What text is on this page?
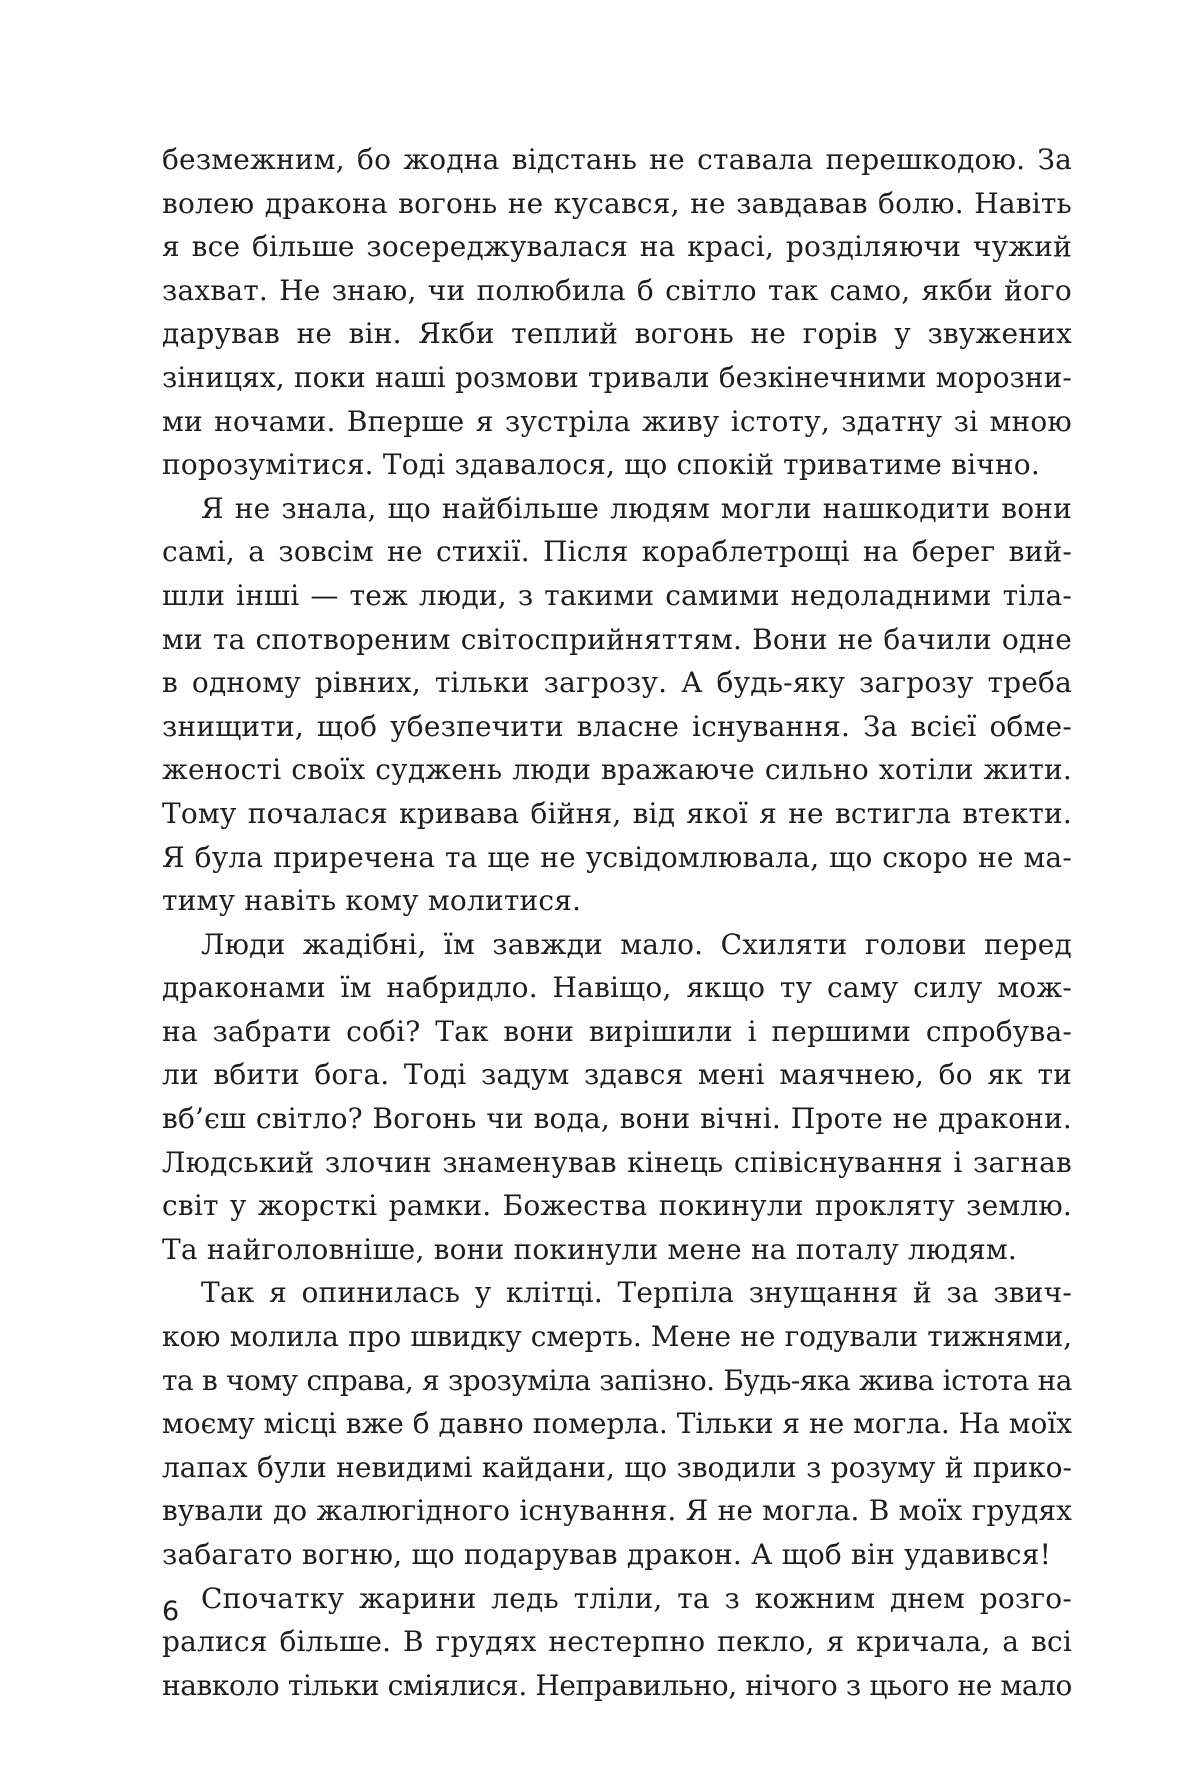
безмежним, бо жодна відстань не ставала перешкодою. За
волею дракона вогонь не кусався, не завдавав болю. Навіть
я все більше зосереджувалася на красі, розділяючи чужий
захват. Не знаю, чи полюбила б світло так само, якби його
дарував не він. Якби теплий вогонь не горів у звужених
зіницях, поки наші розмови тривали безкінечними морозни-
ми ночами. Вперше я зустріла живу істоту, здатну зі мною
порозумітися. Тоді здавалося, що спокій триватиме вічно.

Я не знала, що найбільше людям могли нашкодити вони
самі, а зовсім не стихії. Після кораблетрощі на берег вий-
шли інші — теж люди, з такими самими недоладними тіла-
ми та спотвореним світосприйняттям. Вони не бачили одне
в одному рівних, тільки загрозу. А будь-яку загрозу треба
знищити, щоб убезпечити власне існування. За всієї обме-
женості своїх суджень люди вражаюче сильно хотіли жити.
Тому почалася кривава бійня, від якої я не встигла втекти.
Я була приречена та ще не усвідомлювала, що скоро не ма-
тиму навіть кому молитися.

Люди жадібні, їм завжди мало. Схиляти голови перед
драконами їм набридло. Навіщо, якщо ту саму силу мож-
на забрати собі? Так вони вирішили і першими спробува-
ли вбити бога. Тоді задум здався мені маячнею, бо як ти
вб’єш світло? Вогонь чи вода, вони вічні. Проте не дракони.
Людський злочин знаменував кінець співіснування і загнав
світ у жорсткі рамки. Божества покинули прокляту землю.
Та найголовніше, вони покинули мене на поталу людям.

Так я опинилась у клітці. Терпіла знущання й за звич-
кою молила про швидку смерть. Мене не годували тижнями,
та в чому справа, я зрозуміла запізно. Будь-яка жива істота на
моєму місці вже б давно померла. Тільки я не могла. На моїх
лапах були невидимі кайдани, що зводили з розуму й прико-
вували до жалюгідного існування. Я не могла. В моїх грудях
забагато вогню, що подарував дракон. А щоб він удавився!

Спочатку жарини ледь тліли, та з кожним днем розго-
ралися більше. В грудях нестерпно пекло, я кричала, а всі
навколо тільки сміялися. Неправильно, нічого з цього не мало

6
